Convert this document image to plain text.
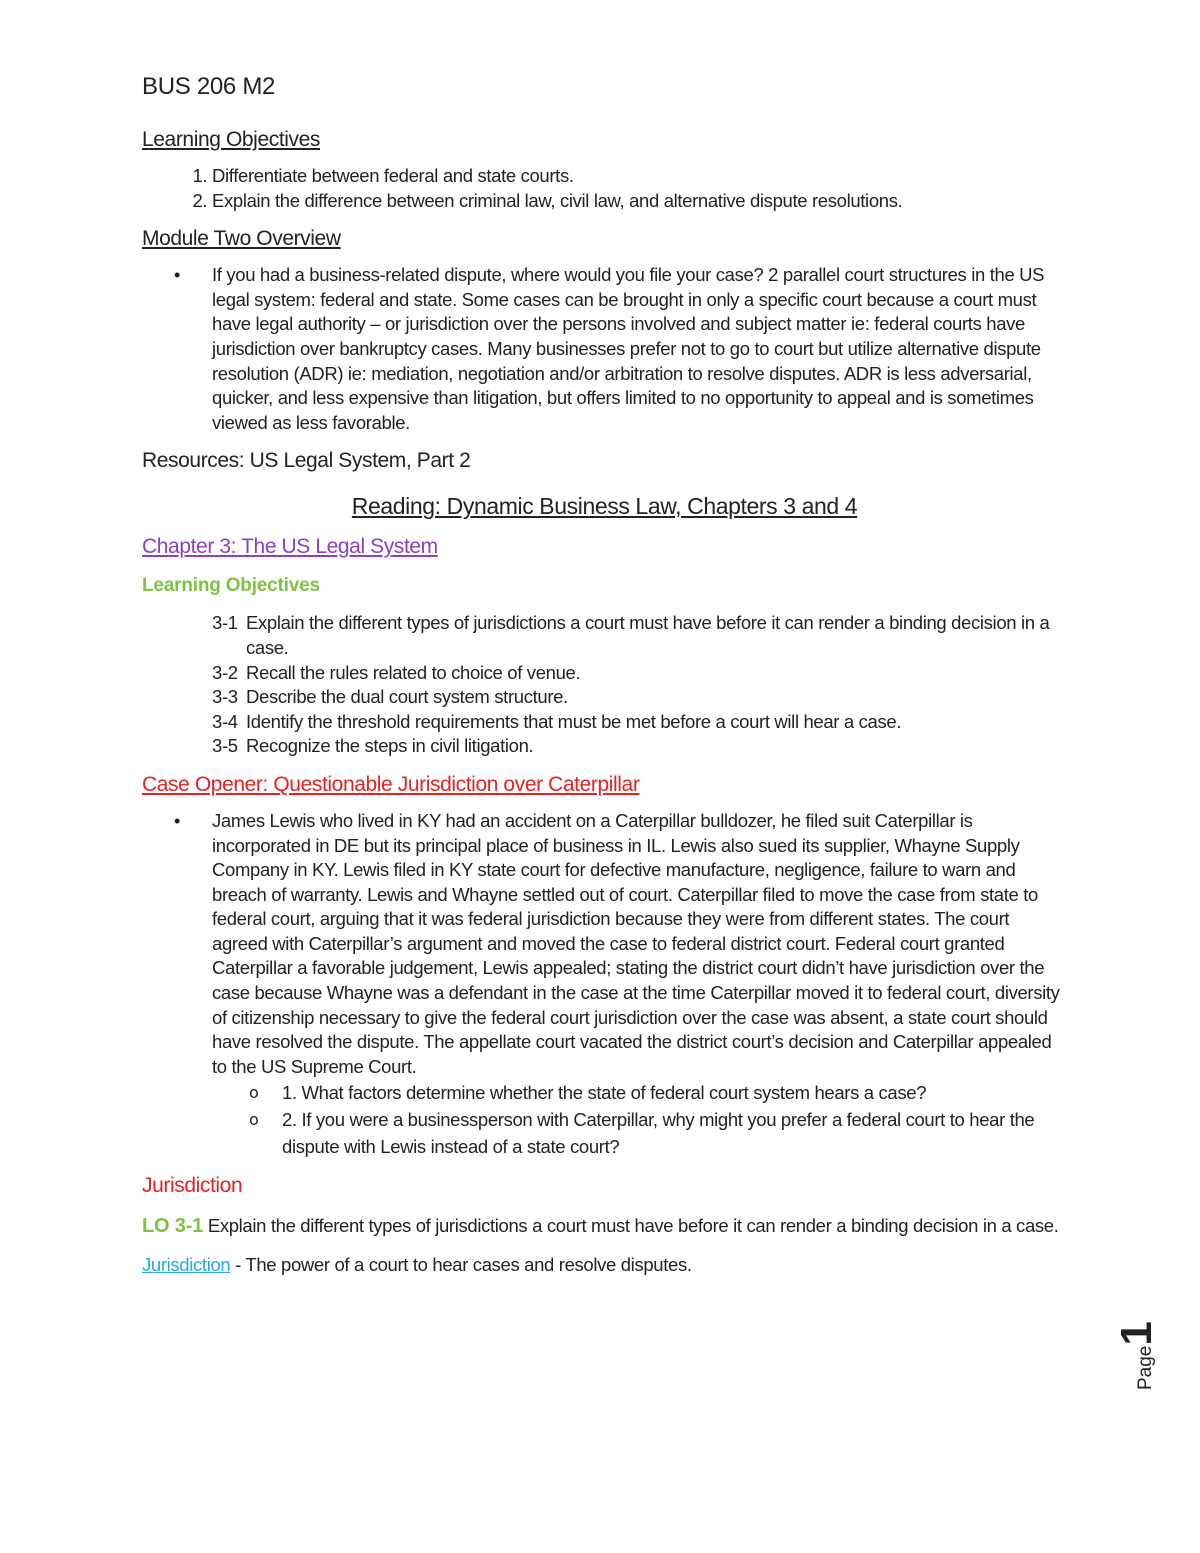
BUS 206 M2
Learning Objectives
1. Differentiate between federal and state courts.
2. Explain the difference between criminal law, civil law, and alternative dispute resolutions.
Module Two Overview
• If you had a business-related dispute, where would you file your case? 2 parallel court structures in the US legal system: federal and state. Some cases can be brought in only a specific court because a court must have legal authority – or jurisdiction over the persons involved and subject matter ie: federal courts have jurisdiction over bankruptcy cases. Many businesses prefer not to go to court but utilize alternative dispute resolution (ADR) ie: mediation, negotiation and/or arbitration to resolve disputes. ADR is less adversarial, quicker, and less expensive than litigation, but offers limited to no opportunity to appeal and is sometimes viewed as less favorable.
Resources: US Legal System, Part 2
Reading: Dynamic Business Law, Chapters 3 and 4
Chapter 3: The US Legal System
Learning Objectives
3-1 Explain the different types of jurisdictions a court must have before it can render a binding decision in a case.
3-2 Recall the rules related to choice of venue.
3-3 Describe the dual court system structure.
3-4 Identify the threshold requirements that must be met before a court will hear a case.
3-5 Recognize the steps in civil litigation.
Case Opener: Questionable Jurisdiction over Caterpillar
• James Lewis who lived in KY had an accident on a Caterpillar bulldozer, he filed suit Caterpillar is incorporated in DE but its principal place of business in IL. Lewis also sued its supplier, Whayne Supply Company in KY. Lewis filed in KY state court for defective manufacture, negligence, failure to warn and breach of warranty. Lewis and Whayne settled out of court. Caterpillar filed to move the case from state to federal court, arguing that it was federal jurisdiction because they were from different states. The court agreed with Caterpillar’s argument and moved the case to federal district court. Federal court granted Caterpillar a favorable judgement, Lewis appealed; stating the district court didn’t have jurisdiction over the case because Whayne was a defendant in the case at the time Caterpillar moved it to federal court, diversity of citizenship necessary to give the federal court jurisdiction over the case was absent, a state court should have resolved the dispute. The appellate court vacated the district court’s decision and Caterpillar appealed to the US Supreme Court.
o 1. What factors determine whether the state of federal court system hears a case?
o 2. If you were a businessperson with Caterpillar, why might you prefer a federal court to hear the dispute with Lewis instead of a state court?
Jurisdiction
LO 3-1 Explain the different types of jurisdictions a court must have before it can render a binding decision in a case.
Jurisdiction - The power of a court to hear cases and resolve disputes.
Page1
